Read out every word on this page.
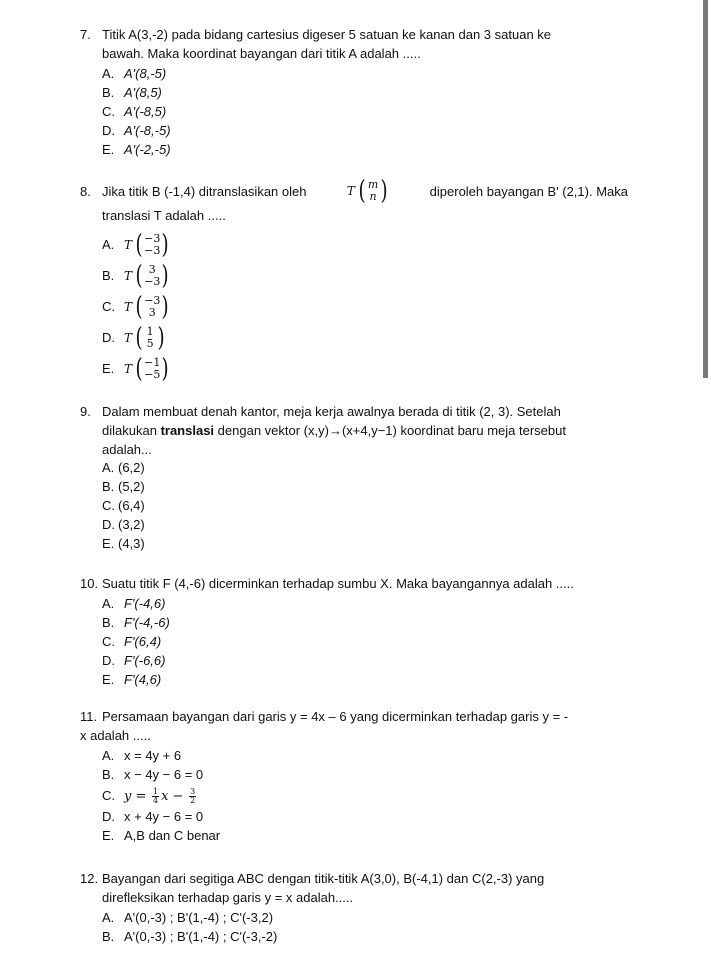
7. Titik A(3,-2) pada bidang cartesius digeser 5 satuan ke kanan dan 3 satuan ke
bawah. Maka koordinat bayangan dari titik A adalah .....
A. A'(8,-5)
B. A'(8,5)
C. A'(-8,5)
D. A'(-8,-5)
E. A'(-2,-5)
8. Jika titik B (-1,4) ditranslasikan oleh	T ( m
n )	diperoleh bayangan B' (2,1). Maka
translasi T adalah .....
A. T ( −3
−3 )
B. T ( 3
−3 )
C. T ( −3
3 )
D. T ( 1
5 )
E. T ( −1
−5 )
9. Dalam membuat denah kantor, meja kerja awalnya berada di titik (2, 3). Setelah
dilakukan translasi dengan vektor (x,y)→(x+4,y−1) koordinat baru meja tersebut
adalah...
A. (6,2)
B. (5,2)
C. (6,4)
D. (3,2)
E. (4,3)
10. Suatu titik F (4,-6) dicerminkan terhadap sumbu X. Maka bayangannya adalah .....
A. F'(-4,6)
B. F'(-4,-6)
C. F'(6,4)
D. F'(-6,6)
E. F'(4,6)
11. Persamaan bayangan dari garis y = 4x – 6 yang dicerminkan terhadap garis y = -
x adalah .....
A. x = 4y + 6
B. x − 4y − 6 = 0
C. $y = \frac{1}{4}$ $x - \frac{3}{2}$
D. x + 4y − 6 = 0
E. A,B dan C benar
12. Bayangan dari segitiga ABC dengan titik-titik A(3,0), B(-4,1) dan C(2,-3) yang
direfleksikan terhadap garis y = x adalah.....
A. A'(0,-3) ; B'(1,-4) ; C'(-3,2)
B. A'(0,-3) ; B'(1,-4) ; C'(-3,-2)
